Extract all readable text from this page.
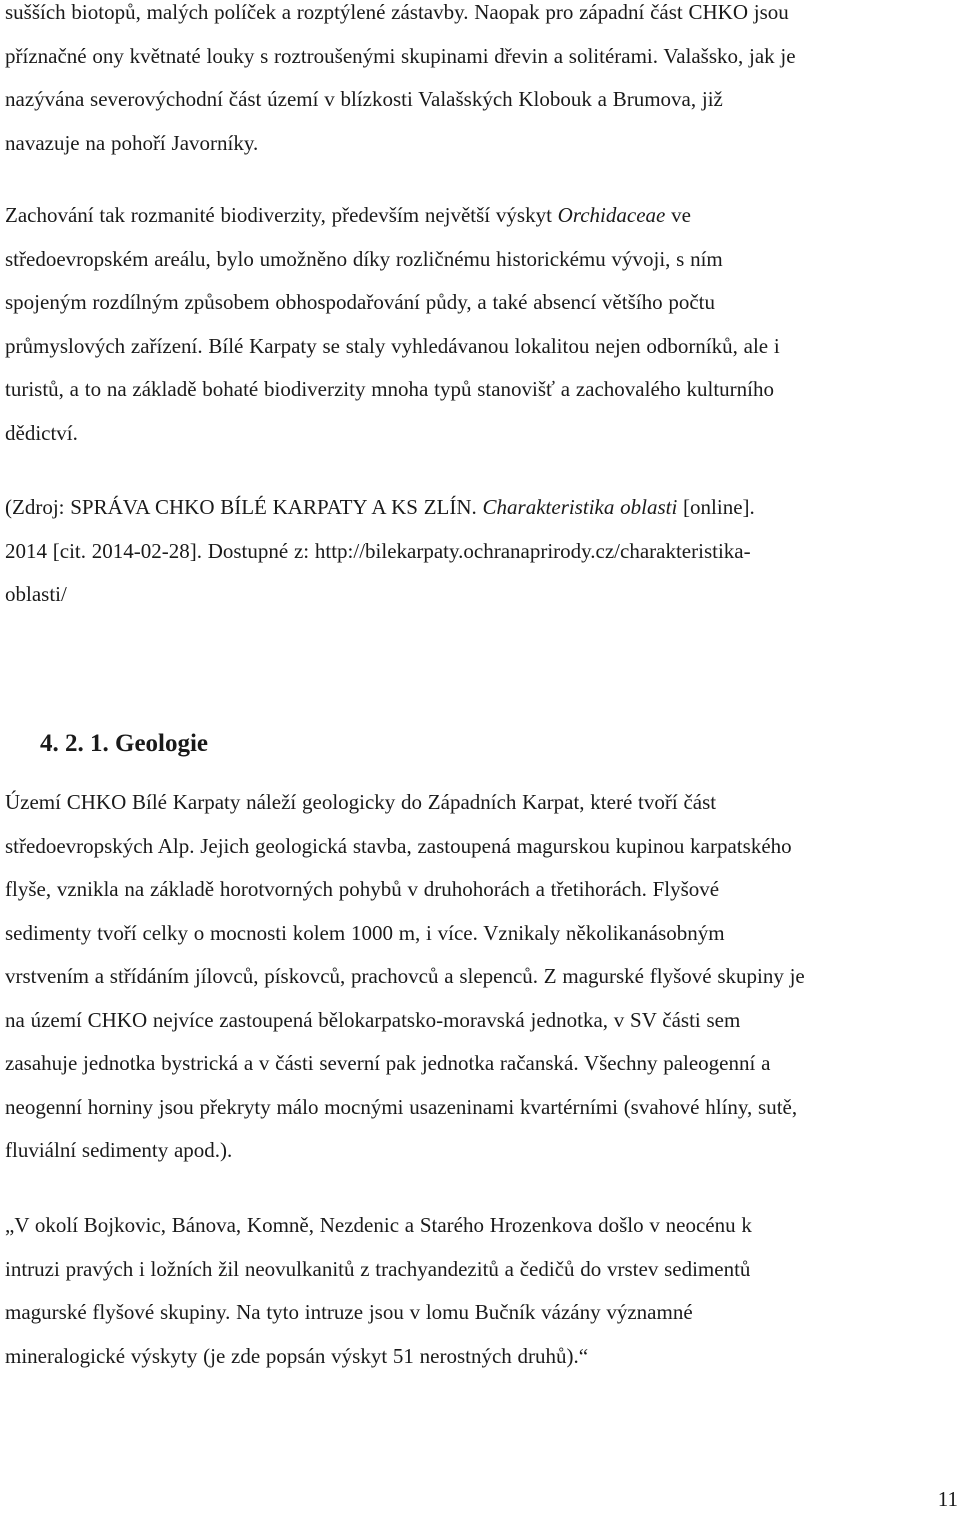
sušších biotopů, malých políček a rozptýlené zástavby. Naopak pro západní část CHKO jsou
příznačné ony květnaté louky s roztroušenými skupinami dřevin a solitérami. Valašsko, jak je
nazývána severovýchodní část území v blízkosti Valašských Klobouk a Brumova, již
navazuje na pohoří Javorníky.

Zachování tak rozmanité biodiverzity, především největší výskyt Orchidaceae ve
středoevropském areálu, bylo umožněno díky rozličnému historickému vývoji, s ním
spojeným rozdílným způsobem obhospodařování půdy, a také absencí většího počtu
průmyslových zařízení. Bílé Karpaty se staly vyhledávanou lokalitou nejen odborníků, ale i
turistů, a to na základě bohaté biodiverzity mnoha typů stanovišť a zachovalého kulturního
dědictví.

(Zdroj: SPRÁVA CHKO BÍLÉ KARPATY A KS ZLÍN. Charakteristika oblasti [online].
2014 [cit. 2014-02-28]. Dostupné z: http://bilekarpaty.ochranaprirody.cz/charakteristika-
oblasti/

4. 2. 1. Geologie

Území CHKO Bílé Karpaty náleží geologicky do Západních Karpat, které tvoří část
středoevropských Alp. Jejich geologická stavba, zastoupená magurskou kupinou karpatského
flyše, vznikla na základě horotvorných pohybů v druhohorách a třetihorách. Flyšové
sedimenty tvoří celky o mocnosti kolem 1000 m, i více. Vznikaly několikanásobným
vrstvením a střídáním jílovců, pískovců, prachovců a slepenců. Z magurské flyšové skupiny je
na území CHKO nejvíce zastoupená bělokarpatsko-moravská jednotka, v SV části sem
zasahuje jednotka bystrická a v části severní pak jednotka račanská. Všechny paleogenní a
neogenní horniny jsou překryty málo mocnými usazeninami kvartérními (svahové hlíny, sutě,
fluviální sedimenty apod.).

„V okolí Bojkovic, Bánova, Komně, Nezdenic a Starého Hrozenkova došlo v neocénu k
intruzi pravých i ložních žil neovulkanitů z trachyandezitů a čedičů do vrstev sedimentů
magurské flyšové skupiny. Na tyto intruze jsou v lomu Bučník vázány významné
mineralogické výskyty (je zde popsán výskyt 51 nerostných druhů).“

11
